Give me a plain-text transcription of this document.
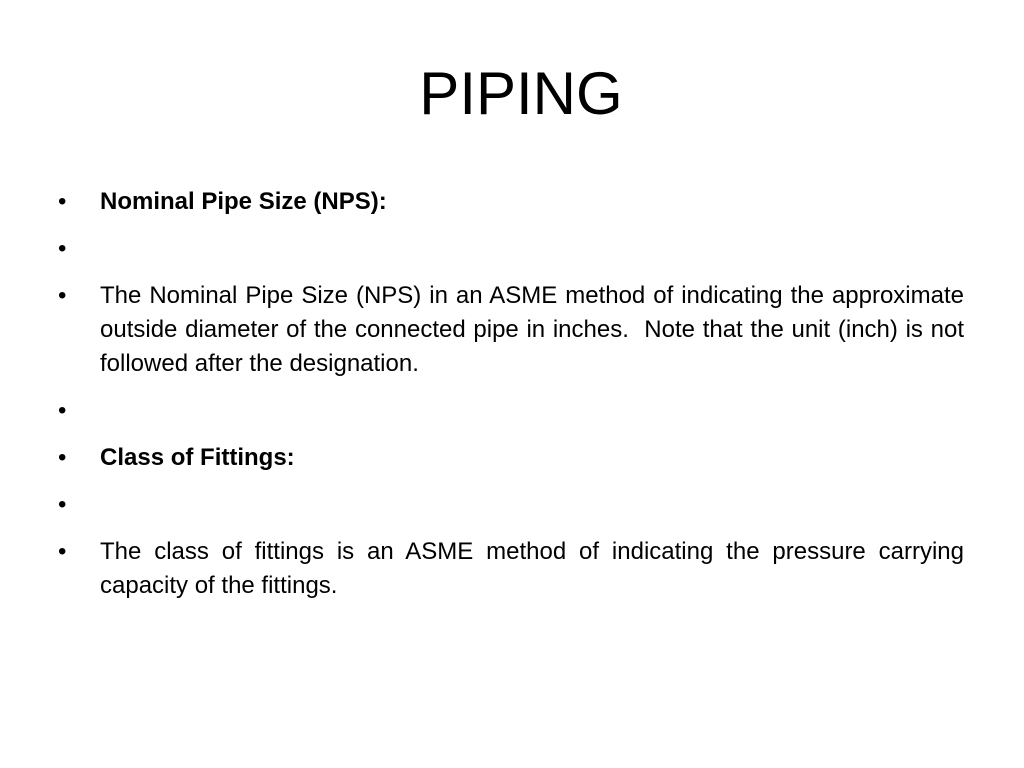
PIPING
•	Nominal Pipe Size (NPS):
•
•	The Nominal Pipe Size (NPS) in an ASME method of indicating the approximate outside diameter of the connected pipe in inches.  Note that the unit (inch) is not followed after the designation.
•
•	Class of Fittings:
•
•	The class of fittings is an ASME method of indicating the pressure carrying capacity of the fittings.
